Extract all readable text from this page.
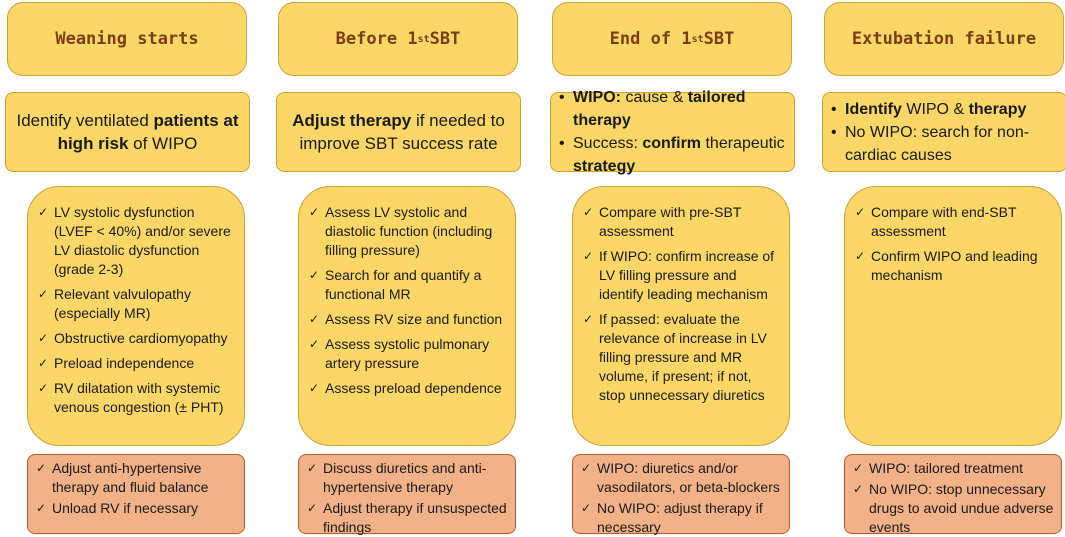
Weaning starts
Identify ventilated patients at high risk of WIPO
✓ LV systolic dysfunction (LVEF < 40%) and/or severe LV diastolic dysfunction (grade 2-3)
✓ Relevant valvulopathy (especially MR)
✓ Obstructive cardiomyopathy
✓ Preload independence
✓ RV dilatation with systemic venous congestion (± PHT)
✓ Adjust anti-hypertensive therapy and fluid balance
✓ Unload RV if necessary
Before 1 st SBT
Adjust therapy if needed to improve SBT success rate
✓ Assess LV systolic and diastolic function (including filling pressure)
✓ Search for and quantify a functional MR
✓ Assess RV size and function
✓ Assess systolic pulmonary artery pressure
✓ Assess preload dependence
✓ Discuss diuretics and anti-hypertensive therapy
✓ Adjust therapy if unsuspected findings
End of 1 st SBT
• WIPO: cause & tailored therapy
• Success: confirm therapeutic strategy
✓ Compare with pre-SBT assessment
✓ If WIPO: confirm increase of LV filling pressure and identify leading mechanism
✓ If passed: evaluate the relevance of increase in LV filling pressure and MR volume, if present; if not, stop unnecessary diuretics
✓ WIPO: diuretics and/or vasodilators, or beta-blockers
✓ No WIPO: adjust therapy if necessary
Extubation failure
• Identify WIPO & therapy
• No WIPO: search for non-cardiac causes
✓ Compare with end-SBT assessment
✓ Confirm WIPO and leading mechanism
✓ WIPO: tailored treatment
✓ No WIPO: stop unnecessary drugs to avoid undue adverse events
